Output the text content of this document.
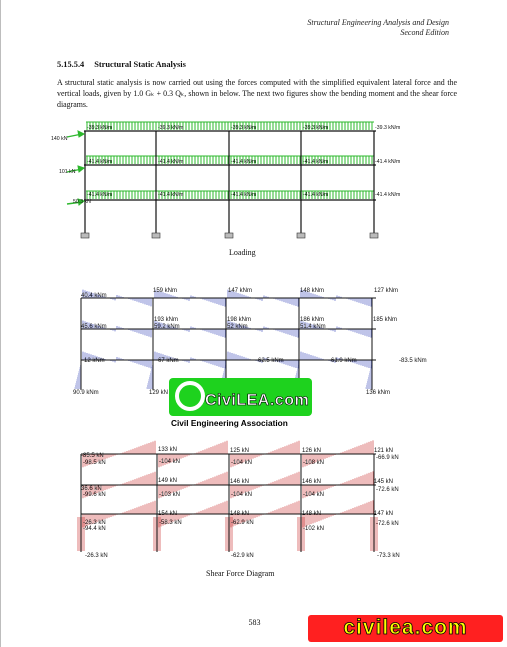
Structural Engineering Analysis and Design
Second Edition
5.15.5.4 Structural Static Analysis
A structural static analysis is now carried out using the forces computed with the simplified equivalent lateral force and the vertical loads, given by 1.0 Gₖ + 0.3 Qₖ, shown in below. The next two figures show the bending moment and the shear force diagrams.
140 kN
101 kN
50.3 kN
-39.3 kN/m	-39.3 kN/m	-39.3 kN/m	-39.3 kN/m	-39.3 kN/m
-41.4 kN/m	-41.4 kN/m	-41.4 kN/m	-41.4 kN/m	-41.4 kN/m
-41.4 kN/m	-41.4 kN/m	-41.4 kN/m	-41.4 kN/m	-41.4 kN/m
Loading
40.4 kNm
159 kNm	147 kNm	148 kNm	127 kNm
45.6 kNm
193 kNm
59.2 kNm
198 kNm
52 kNm
186 kNm
51.4 kNm
185 kNm
-12 kNm	-67 kNm	-62.5 kNm	-61.9 kNm	-83.5 kNm
90.9 kNm	129 kN	136 kNm
CiviLEA.com
Civil Engineering Association
-85.5 kN
133 kN	125 kN	126 kN	121 kN
-98.5 kN	-104 kN	-104 kN	-108 kN
-66.9 kN
36.6 kN
149 kN	146 kN	146 kN	145 kN
-99.6 kN	-103 kN	-104 kN	-104 kN
-72.6 kN
-26.3 kN
154 kN	148 kN	148 kN	147 kN
-94.4 kN
-58.3 kN	-62.9 kN
-102 kN
-72.6 kN
-26.3 kN	-62.9 kN	-73.3 kN
Shear Force Diagram
583	civilea.com
